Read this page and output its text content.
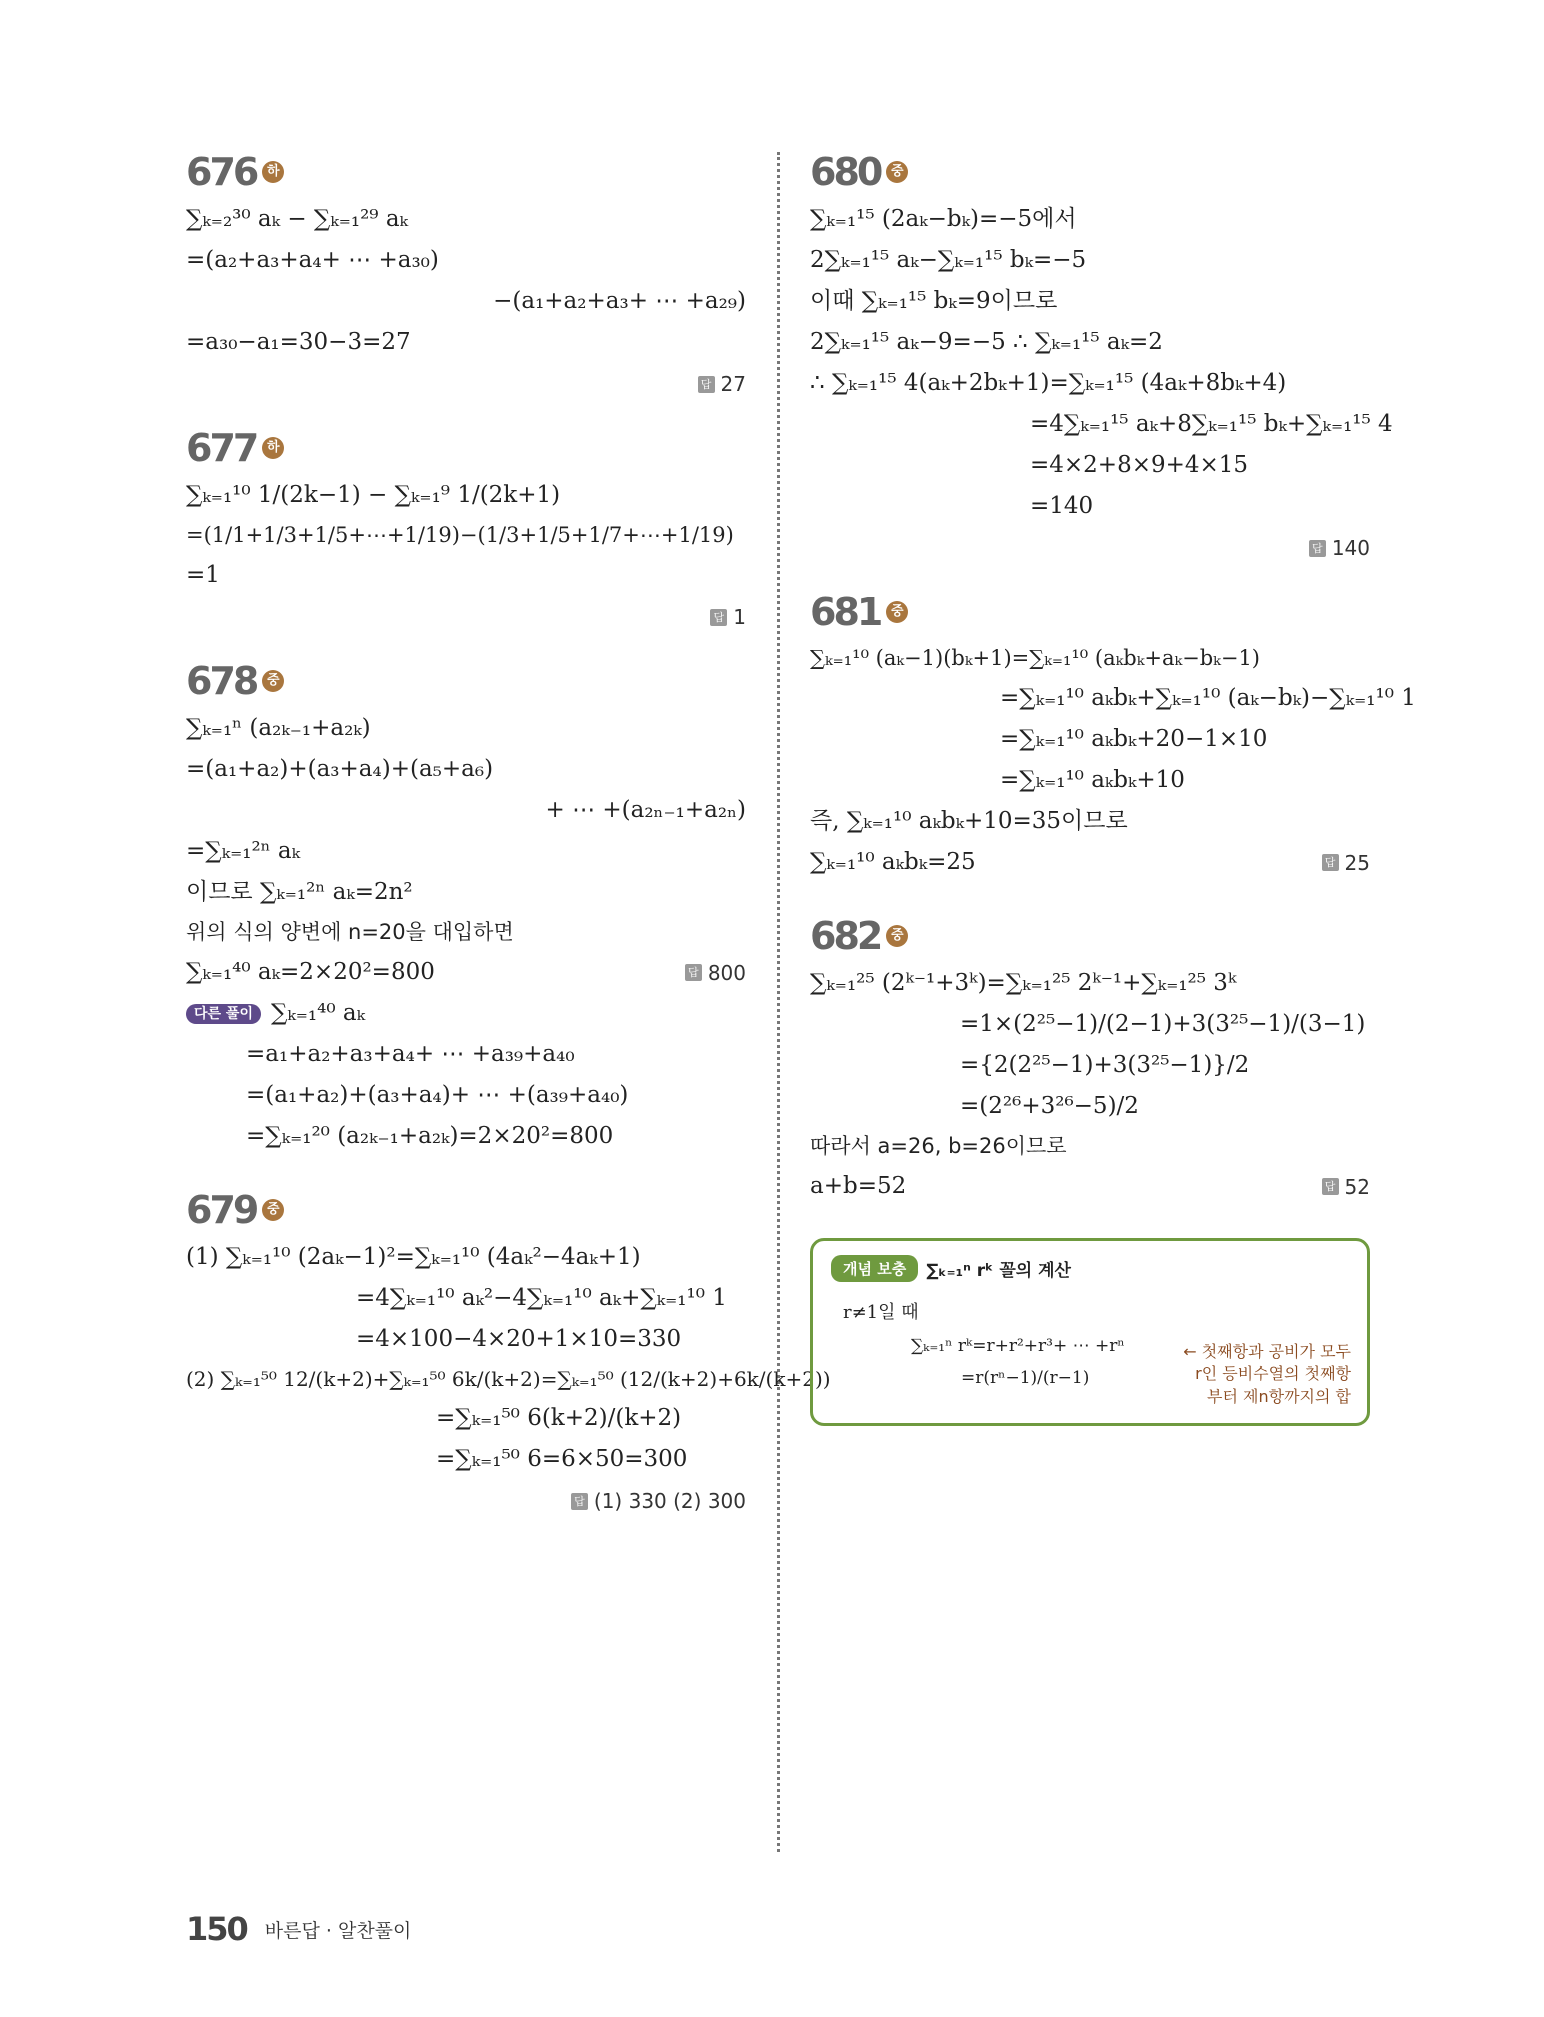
676 하
∑ₖ₌₂³⁰ aₖ − ∑ₖ₌₁²⁹ aₖ
=(a₂+a₃+a₄+ ⋯ +a₃₀)
−(a₁+a₂+a₃+ ⋯ +a₂₉)
=a₃₀−a₁=30−3=27
답 27
677 하
∑ₖ₌₁¹⁰ 1/(2k−1) − ∑ₖ₌₁⁹ 1/(2k+1)
=(1/1+1/3+1/5+⋯+1/19)−(1/3+1/5+1/7+⋯+1/19)
=1
답 1
678 중
∑ₖ₌₁ⁿ (a₂ₖ₋₁+a₂ₖ)
=(a₁+a₂)+(a₃+a₄)+(a₅+a₆)
+ ⋯ +(a₂ₙ₋₁+a₂ₙ)
=∑ₖ₌₁²ⁿ aₖ
이므로 ∑ₖ₌₁²ⁿ aₖ=2n²
위의 식의 양변에 n=20을 대입하면
∑ₖ₌₁⁴⁰ aₖ=2×20²=800	답 800
다른 풀이 ∑ₖ₌₁⁴⁰ aₖ
=a₁+a₂+a₃+a₄+ ⋯ +a₃₉+a₄₀
=(a₁+a₂)+(a₃+a₄)+ ⋯ +(a₃₉+a₄₀)
=∑ₖ₌₁²⁰ (a₂ₖ₋₁+a₂ₖ)=2×20²=800
679 중
(1) ∑ₖ₌₁¹⁰ (2aₖ−1)²=∑ₖ₌₁¹⁰ (4aₖ²−4aₖ+1)
=4∑ₖ₌₁¹⁰ aₖ²−4∑ₖ₌₁¹⁰ aₖ+∑ₖ₌₁¹⁰ 1
=4×100−4×20+1×10=330
(2) ∑ₖ₌₁⁵⁰ 12/(k+2)+∑ₖ₌₁⁵⁰ 6k/(k+2)=∑ₖ₌₁⁵⁰ (12/(k+2)+6k/(k+2))
=∑ₖ₌₁⁵⁰ 6(k+2)/(k+2)
=∑ₖ₌₁⁵⁰ 6=6×50=300
답 (1) 330 (2) 300
680 중
∑ₖ₌₁¹⁵ (2aₖ−bₖ)=−5에서
2∑ₖ₌₁¹⁵ aₖ−∑ₖ₌₁¹⁵ bₖ=−5
이때 ∑ₖ₌₁¹⁵ bₖ=9이므로
2∑ₖ₌₁¹⁵ aₖ−9=−5 ∴ ∑ₖ₌₁¹⁵ aₖ=2
∴ ∑ₖ₌₁¹⁵ 4(aₖ+2bₖ+1)=∑ₖ₌₁¹⁵ (4aₖ+8bₖ+4)
=4∑ₖ₌₁¹⁵ aₖ+8∑ₖ₌₁¹⁵ bₖ+∑ₖ₌₁¹⁵ 4
=4×2+8×9+4×15
=140
답 140
681 중
∑ₖ₌₁¹⁰ (aₖ−1)(bₖ+1)=∑ₖ₌₁¹⁰ (aₖbₖ+aₖ−bₖ−1)
=∑ₖ₌₁¹⁰ aₖbₖ+∑ₖ₌₁¹⁰ (aₖ−bₖ)−∑ₖ₌₁¹⁰ 1
=∑ₖ₌₁¹⁰ aₖbₖ+20−1×10
=∑ₖ₌₁¹⁰ aₖbₖ+10
즉, ∑ₖ₌₁¹⁰ aₖbₖ+10=35이므로
∑ₖ₌₁¹⁰ aₖbₖ=25	답 25
682 중
∑ₖ₌₁²⁵ (2ᵏ⁻¹+3ᵏ)=∑ₖ₌₁²⁵ 2ᵏ⁻¹+∑ₖ₌₁²⁵ 3ᵏ
=1×(2²⁵−1)/(2−1)+3(3²⁵−1)/(3−1)
={2(2²⁵−1)+3(3²⁵−1)}/2
=(2²⁶+3²⁶−5)/2
따라서 a=26, b=26이므로
a+b=52	답 52
개념 보충	∑ₖ₌₁ⁿ rᵏ 꼴의 계산
r≠1일 때
∑ₖ₌₁ⁿ rᵏ=r+r²+r³+ ⋯ +rⁿ
=r(rⁿ−1)/(r−1)
← 첫째항과 공비가 모두
r인 등비수열의 첫째항
부터 제n항까지의 합
150 바른답 · 알찬풀이
